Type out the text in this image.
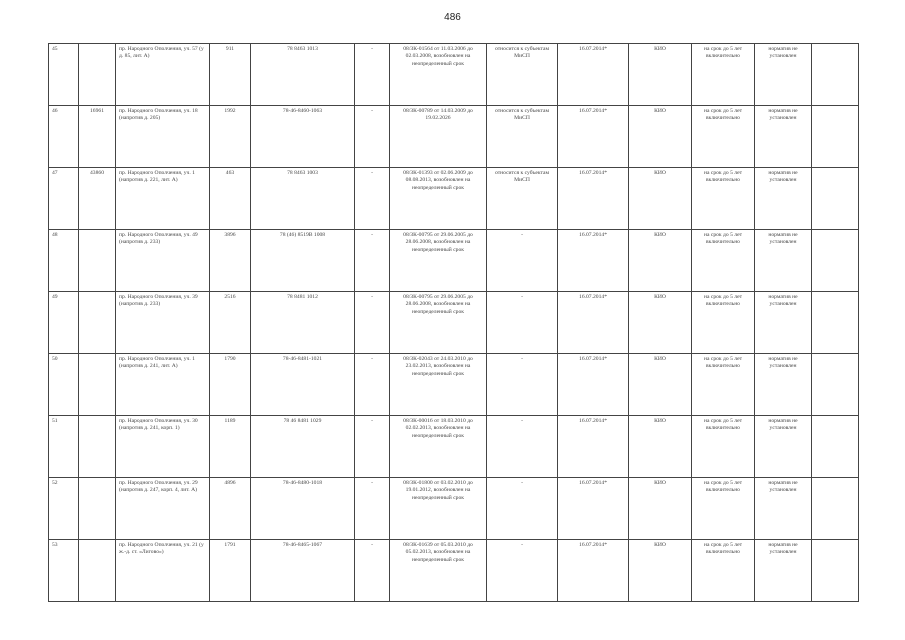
486
45		пр. Народного Ополчения, уч. 57 (у д. 85, лит. А)	911	78 8463 1013	-	08/ЗК-01564 от 11.03.2006 до 02.03.2008, возобновлен на неопределенный срок	относится к субъектам МиСП	16.07.2014*	КИО	на срок до 5 лет включительно	норматив не установлен	
46	16961	пр. Народного Ополчения, уч. 18 (напротив д. 205)	1992	78-46-8460-1063	-	08/ЗК-00789 от 14.03.2009 до 19.02.2026	относится к субъектам МиСП	16.07.2014*	КИО	на срок до 5 лет включительно	норматив не установлен	
47	43860	пр. Народного Ополчения, уч. 1 (напротив д. 221, лит. А)	463	78 8463 1003	-	08/ЗК-01393 от 02.06.2009 до 08.08.2013, возобновлен на неопределенный срок	относится к субъектам МиСП	16.07.2014*	КИО	на срок до 5 лет включительно	норматив не установлен	
48		пр. Народного Ополчения, уч. 49 (напротив д. 233)	3896	78 (46) 8519В 1008	-	08/ЗК-00795 от 29.06.2005 до 28.06.2008, возобновлен на неопределенный срок	-	16.07.2014*	КИО	на срок до 5 лет включительно	норматив не установлен	
49		пр. Народного Ополчения, уч. 39 (напротив д. 233)	2516	78 8481 1012	-	08/ЗК-00795 от 29.06.2005 до 28.06.2008, возобновлен на неопределенный срок	-	16.07.2014*	КИО	на срок до 5 лет включительно	норматив не установлен	
50		пр. Народного Ополчения, уч. 1 (напротив д. 241, лит. А)	1790	78-46-8481-1021	-	08/ЗК-02043 от 24.03.2010 до 23.02.2013, возобновлен на неопределенный срок	-	16.07.2014*	КИО	на срок до 5 лет включительно	норматив не установлен	
51		пр. Народного Ополчения, уч. 30 (напротив д. 241, корп. 1)	1189	78 46 8481 1029	-	08/ЗК-00016 от 18.03.2010 до 02.02.2013, возобновлен на неопределенный срок	-	16.07.2014*	КИО	на срок до 5 лет включительно	норматив не установлен	
52		пр. Народного Ополчения, уч. 29 (напротив д. 247, корп. 4, лит. А)	4896	78-46-8480-1018	-	08/ЗК-01800 от 03.02.2010 до 19.01.2012, возобновлен на неопределенный срок	-	16.07.2014*	КИО	на срок до 5 лет включительно	норматив не установлен	
53		пр. Народного Ополчения, уч. 21 (у ж.-д. ст. «Лигово»)	1791	78-46-8465-1067	-	08/ЗК-01639 от 05.03.2010 до 05.02.2013, возобновлен на неопределенный срок	-	16.07.2014*	КИО	на срок до 5 лет включительно	норматив не установлен	
